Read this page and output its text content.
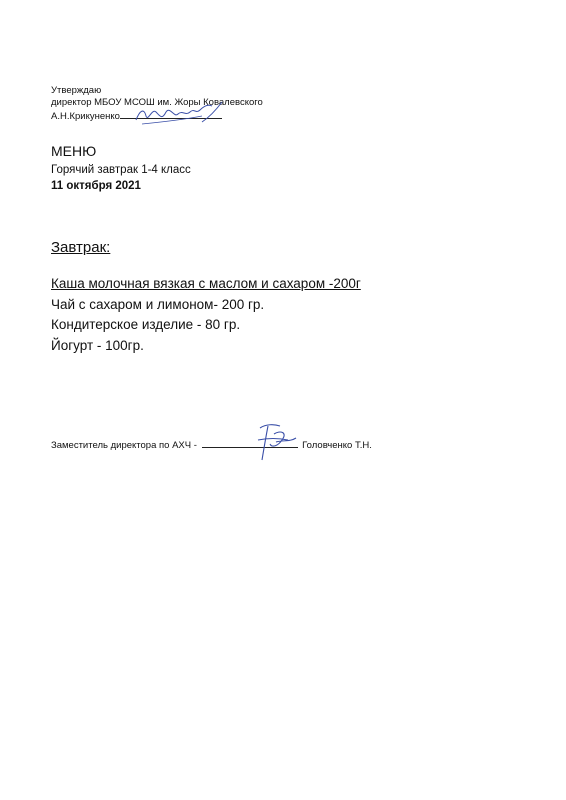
Утверждаю
директор МБОУ МСОШ им. Жоры Ковалевского
А.Н.Крикуненко
МЕНЮ
Горячий завтрак 1-4 класс
11 октября 2021
Завтрак:
Каша молочная вязкая с маслом и сахаром -200г
Чай с сахаром и лимоном- 200 гр.
Кондитерское изделие - 80 гр.
Йогурт - 100гр.
Заместитель директора по АХЧ -	Головченко Т.Н.
